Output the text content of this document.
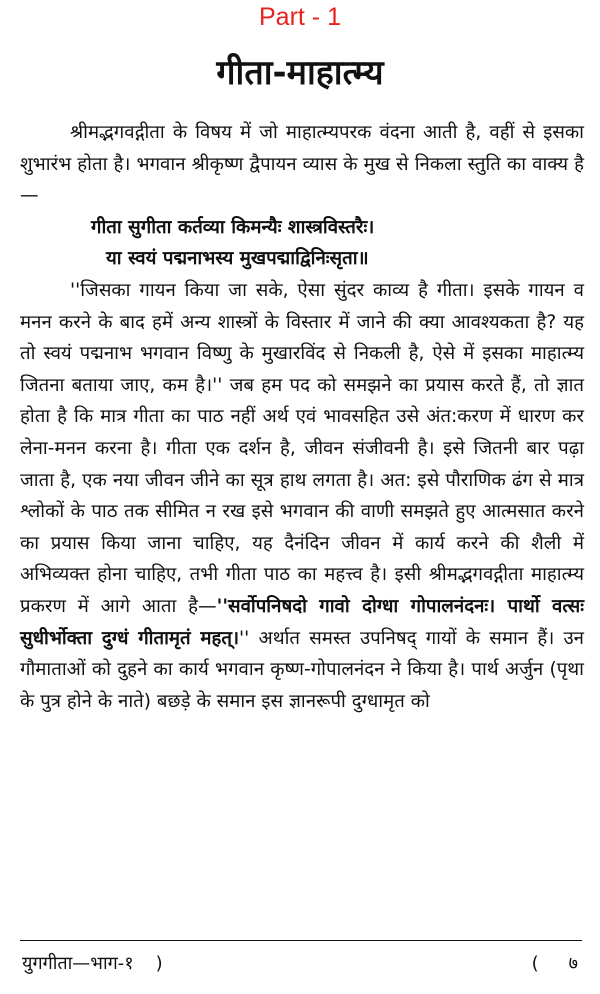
Part - 1
गीता-माहात्म्य

श्रीमद्भगवद्गीता के विषय में जो माहात्म्यपरक वंदना आती है, वहीं से इसका शुभारंभ होता है। भगवान श्रीकृष्ण द्वैपायन व्यास के मुख से निकला स्तुति का वाक्य है—

गीता सुगीता कर्तव्या किमन्यैः शास्त्रविस्तरैः।

या स्वयं पद्मनाभस्य मुखपद्माद्विनिःसृता॥

''जिसका गायन किया जा सके, ऐसा सुंदर काव्य है गीता। इसके गायन व मनन करने के बाद हमें अन्य शास्त्रों के विस्तार में जाने की क्या आवश्यकता है? यह तो स्वयं पद्मनाभ भगवान विष्णु के मुखारविंद से निकली है, ऐसे में इसका माहात्म्य जितना बताया जाए, कम है।'' जब हम पद को समझने का प्रयास करते हैं, तो ज्ञात होता है कि मात्र गीता का पाठ नहीं अर्थ एवं भावसहित उसे अंत:करण में धारण कर लेना-मनन करना है। गीता एक दर्शन है, जीवन संजीवनी है। इसे जितनी बार पढ़ा जाता है, एक नया जीवन जीने का सूत्र हाथ लगता है। अत: इसे पौराणिक ढंग से मात्र श्लोकों के पाठ तक सीमित न रख इसे भगवान की वाणी समझते हुए आत्मसात करने का प्रयास किया जाना चाहिए, यह दैनंदिन जीवन में कार्य करने की शैली में अभिव्यक्त होना चाहिए, तभी गीता पाठ का महत्त्व है। इसी श्रीमद्भगवद्गीता माहात्म्य प्रकरण में आगे आता है—''सर्वोपनिषदो गावो दोग्धा गोपालनंदनः। पार्थो वत्सः सुधीर्भोक्ता दुग्धं गीतामृतं महत्।'' अर्थात समस्त उपनिषद् गायों के समान हैं। उन गौमाताओं को दुहने का कार्य भगवान कृष्ण-गोपालनंदन ने किया है। पार्थ अर्जुन (पृथा के पुत्र होने के नाते) बछड़े के समान इस ज्ञानरूपी दुग्धामृत को

युगगीता—भाग-१ )	( ७
